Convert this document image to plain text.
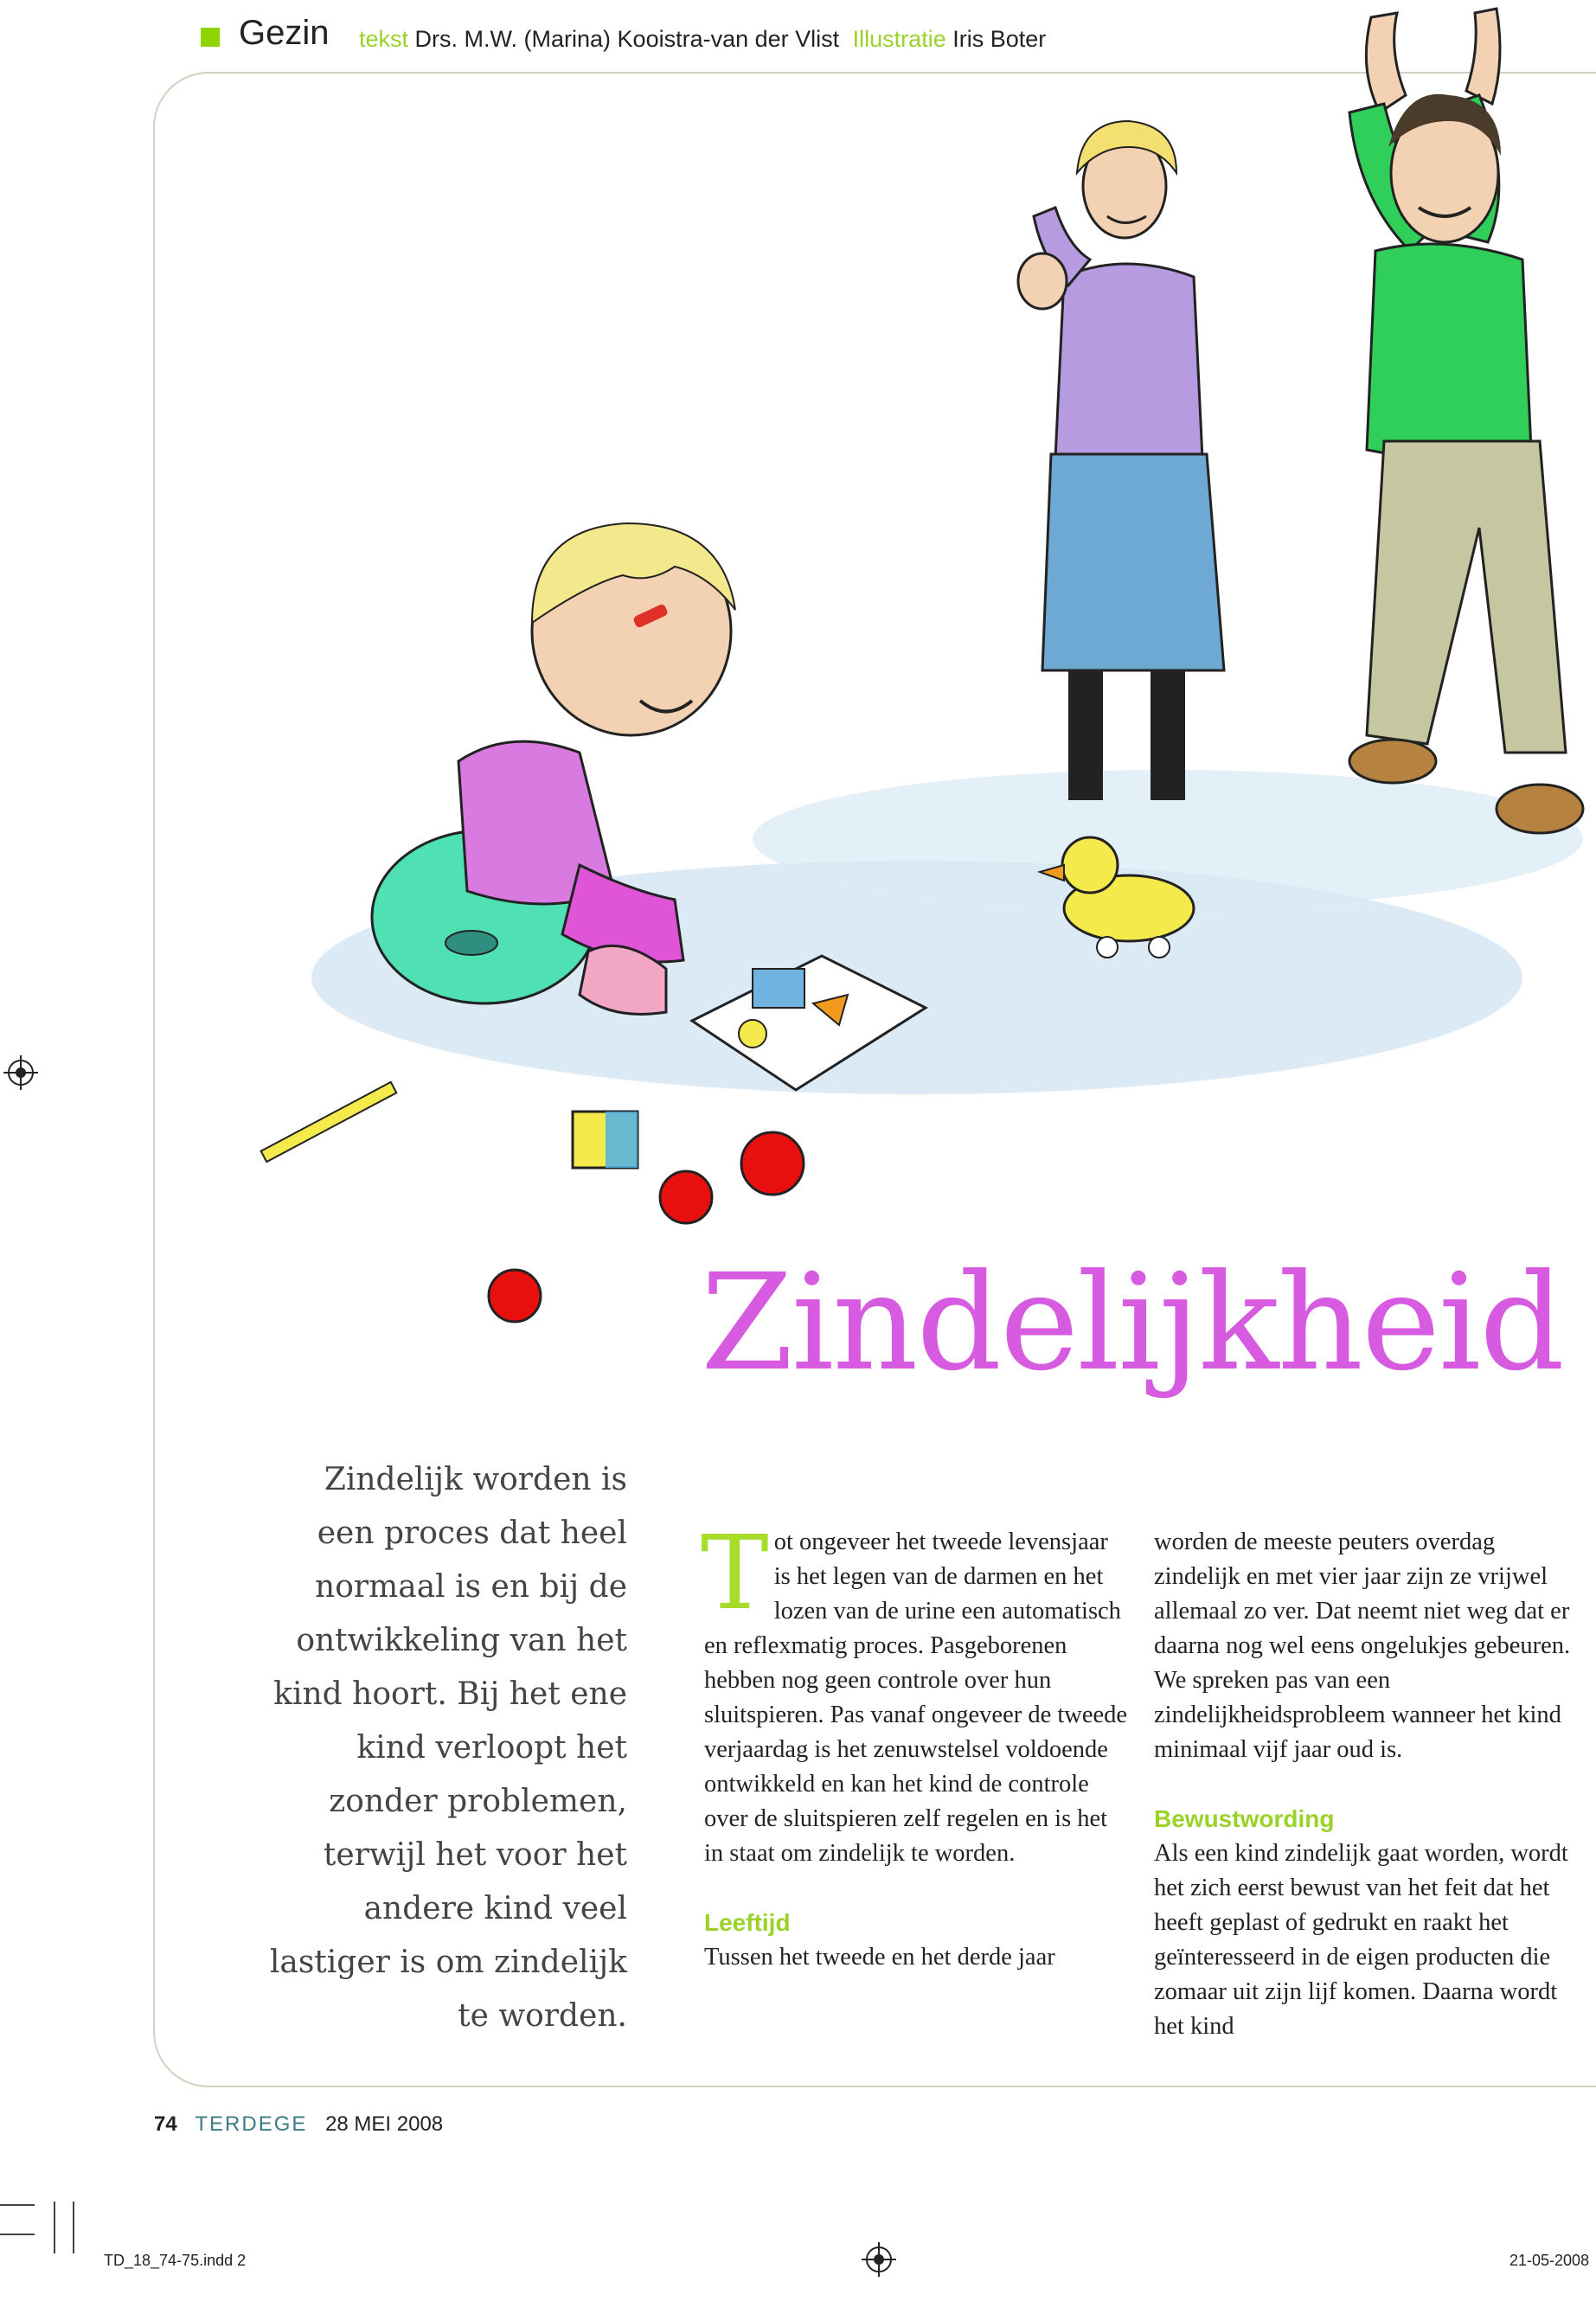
Gezin tekst Drs. M.W. (Marina) Kooistra-van der Vlist Illustratie Iris Boter
Zindelijkheid
Zindelijk worden is een proces dat heel normaal is en bij de ontwikkeling van het kind hoort. Bij het ene kind verloopt het zonder problemen, terwijl het voor het andere kind veel lastiger is om zindelijk te worden.

Tot ongeveer het tweede levensjaar is het legen van de darmen en het lozen van de urine een automatisch en reflexmatig proces. Pasgeborenen hebben nog geen controle over hun sluitspieren. Pas vanaf ongeveer de tweede verjaardag is het zenuwstelsel voldoende ontwikkeld en kan het kind de controle over de sluitspieren zelf regelen en is het in staat om zindelijk te worden.

Leeftijd

Tussen het tweede en het derde jaar

worden de meeste peuters overdag zindelijk en met vier jaar zijn ze vrijwel allemaal zo ver. Dat neemt niet weg dat er daarna nog wel eens ongelukjes gebeuren. We spreken pas van een zindelijkheidsprobleem wanneer het kind minimaal vijf jaar oud is.

Bewustwording

Als een kind zindelijk gaat worden, wordt het zich eerst bewust van het feit dat het heeft geplast of gedrukt en raakt het geïnteresseerd in de eigen producten die zomaar uit zijn lijf komen. Daarna wordt het kind

74 TERDEGE 28 MEI 2008
TD_18_74-75.indd 2	21-05-2008
